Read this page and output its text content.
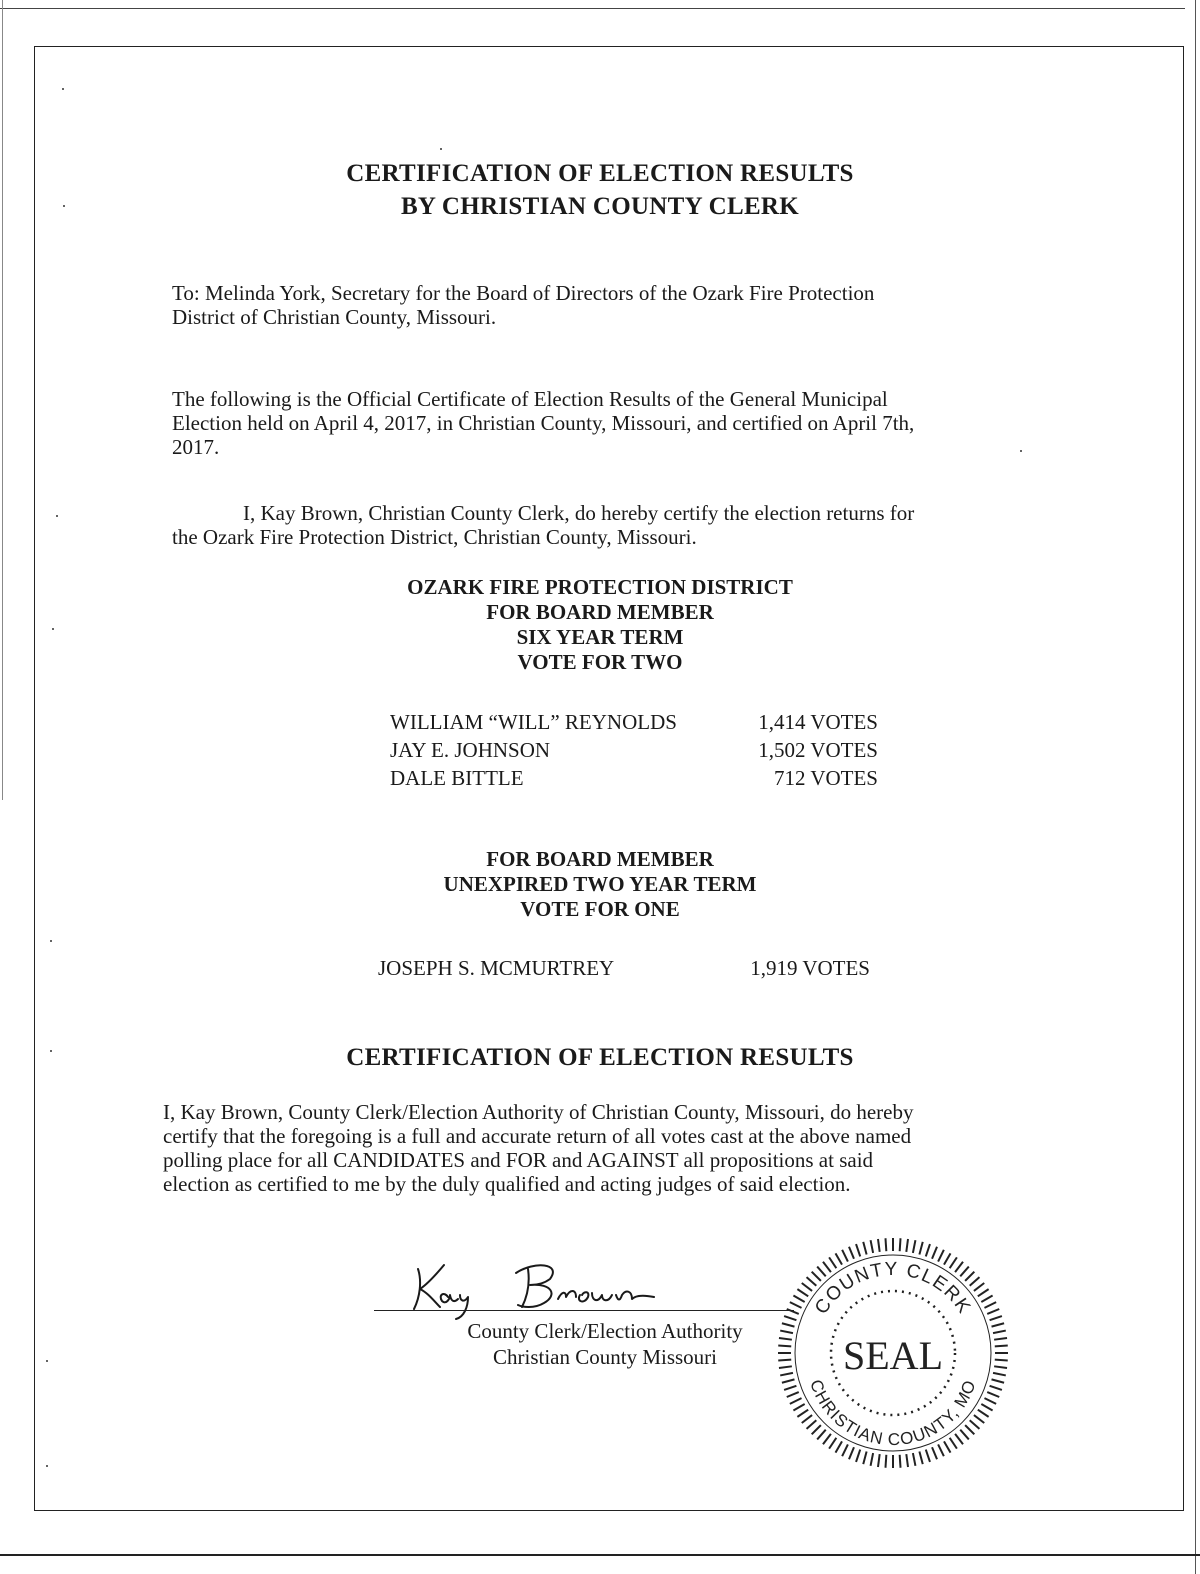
CERTIFICATION OF ELECTION RESULTS
BY CHRISTIAN COUNTY CLERK
To: Melinda York, Secretary for the Board of Directors of the Ozark Fire Protection
District of Christian County, Missouri.
The following is the Official Certificate of Election Results of the General Municipal
Election held on April 4, 2017, in Christian County, Missouri, and certified on April 7th,
2017.
I, Kay Brown, Christian County Clerk, do hereby certify the election returns for
the Ozark Fire Protection District, Christian County, Missouri.
OZARK FIRE PROTECTION DISTRICT
FOR BOARD MEMBER
SIX YEAR TERM
VOTE FOR TWO
WILLIAM “WILL” REYNOLDS	1,414 VOTES
JAY E. JOHNSON	1,502 VOTES
DALE BITTLE	712 VOTES
FOR BOARD MEMBER
UNEXPIRED TWO YEAR TERM
VOTE FOR ONE
JOSEPH S. MCMURTREY	1,919 VOTES
CERTIFICATION OF ELECTION RESULTS
I, Kay Brown, County Clerk/Election Authority of Christian County, Missouri, do hereby
certify that the foregoing is a full and accurate return of all votes cast at the above named
polling place for all CANDIDATES and FOR and AGAINST all propositions at said
election as certified to me by the duly qualified and acting judges of said election.
County Clerk/Election Authority
Christian County Missouri
COUNTY CLERK
CHRISTIAN COUNTY, MO
SEAL
